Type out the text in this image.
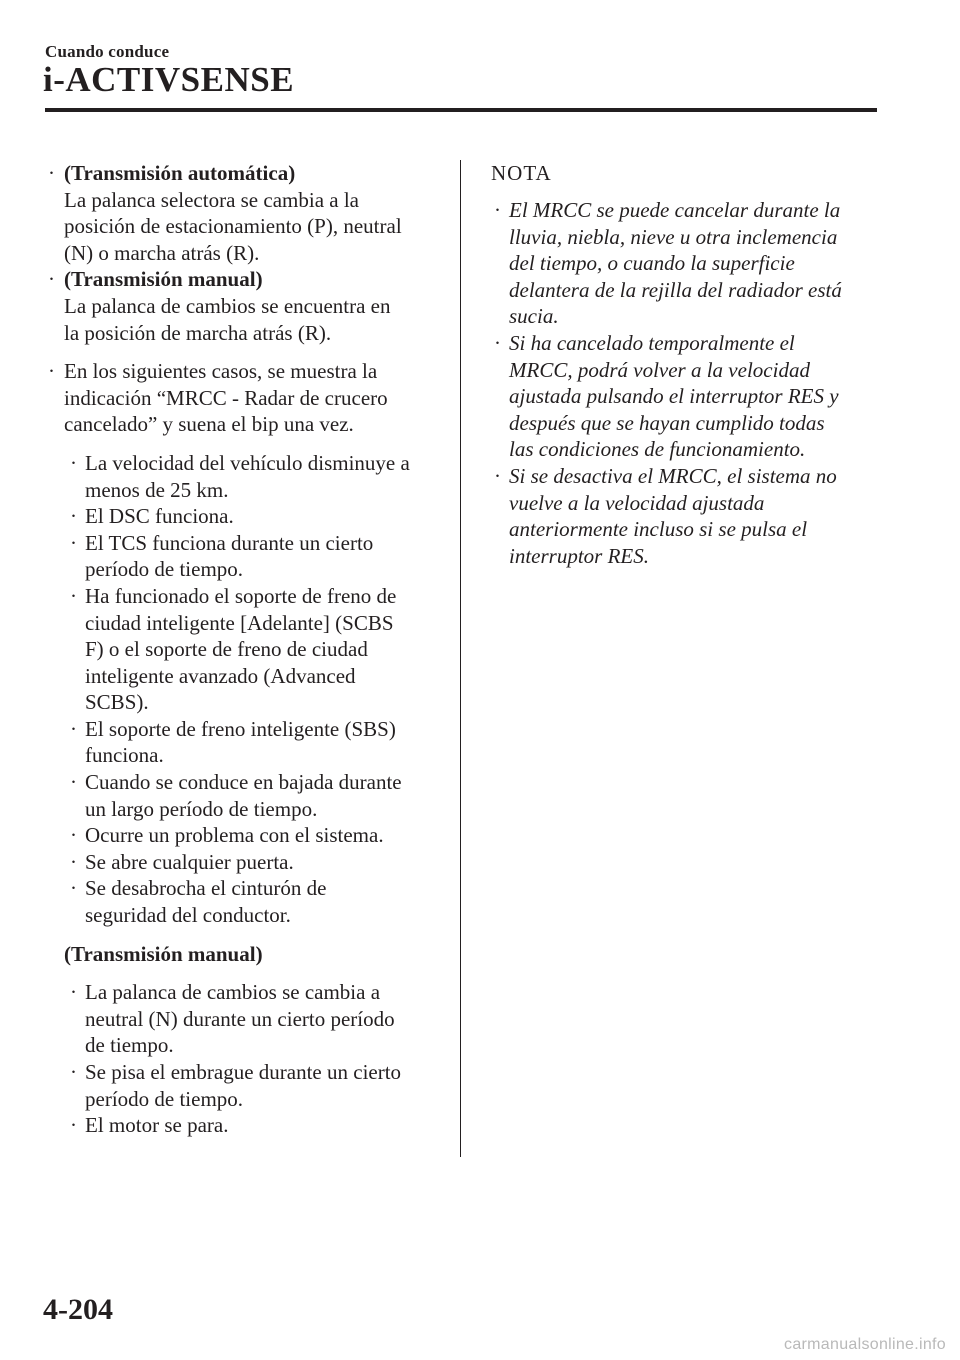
Cuando conduce
i-ACTIVSENSE
· (Transmisión automática)
La palanca selectora se cambia a la
posición de estacionamiento (P), neutral
(N) o marcha atrás (R).
· (Transmisión manual)
La palanca de cambios se encuentra en
la posición de marcha atrás (R).
· En los siguientes casos, se muestra la
indicación “MRCC - Radar de crucero
cancelado” y suena el bip una vez.
· La velocidad del vehículo disminuye a
menos de 25 km.
· El DSC funciona.
· El TCS funciona durante un cierto
período de tiempo.
· Ha funcionado el soporte de freno de
ciudad inteligente [Adelante] (SCBS
F) o el soporte de freno de ciudad
inteligente avanzado (Advanced
SCBS).
· El soporte de freno inteligente (SBS)
funciona.
· Cuando se conduce en bajada durante
un largo período de tiempo.
· Ocurre un problema con el sistema.
· Se abre cualquier puerta.
· Se desabrocha el cinturón de
seguridad del conductor.
(Transmisión manual)
· La palanca de cambios se cambia a
neutral (N) durante un cierto período
de tiempo.
· Se pisa el embrague durante un cierto
período de tiempo.
· El motor se para.
NOTA
· El MRCC se puede cancelar durante la
lluvia, niebla, nieve u otra inclemencia
del tiempo, o cuando la superficie
delantera de la rejilla del radiador está
sucia.
· Si ha cancelado temporalmente el
MRCC, podrá volver a la velocidad
ajustada pulsando el interruptor RES y
después que se hayan cumplido todas
las condiciones de funcionamiento.
· Si se desactiva el MRCC, el sistema no
vuelve a la velocidad ajustada
anteriormente incluso si se pulsa el
interruptor RES.
4-204
carmanualsonline.info
